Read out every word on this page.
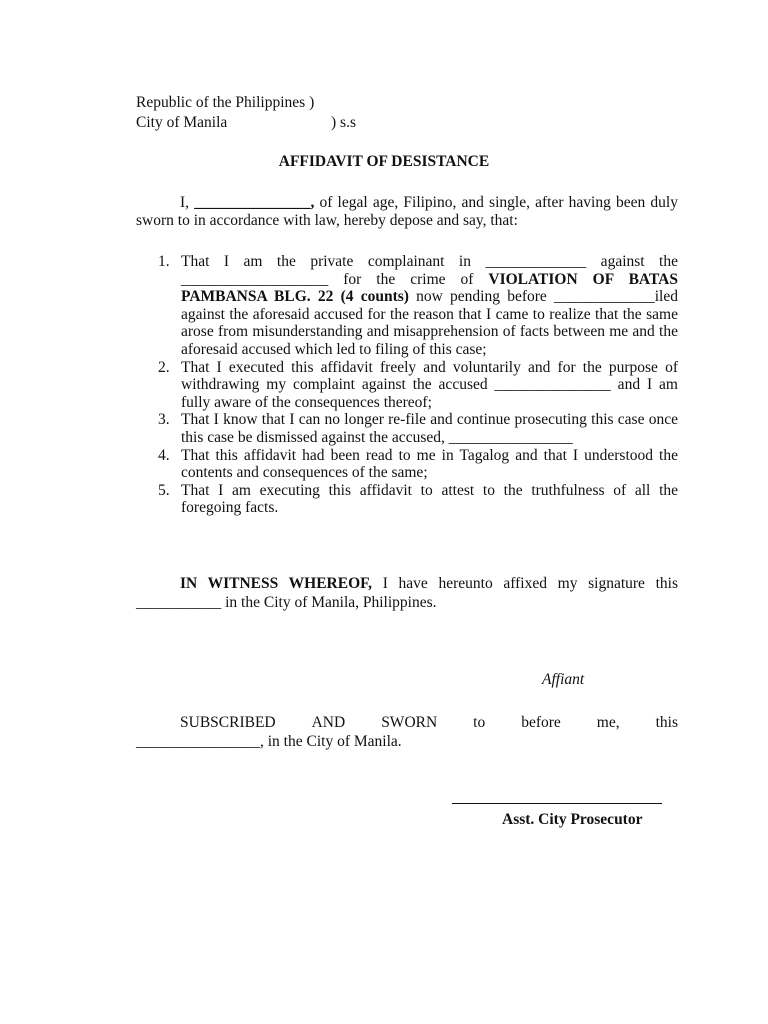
Republic of the Philippines )
City of Manila	) s.s
AFFIDAVIT OF DESISTANCE
I, _______________, of legal age, Filipino, and single, after having been duly sworn to in accordance with law, hereby depose and say, that:
1. That I am the private complainant in _____________ against the ___________________ for the crime of VIOLATION OF BATAS PAMBANSA BLG. 22 (4 counts) now pending before _____________iled against the aforesaid accused for the reason that I came to realize that the same arose from misunderstanding and misapprehension of facts between me and the aforesaid accused which led to filing of this case;
2. That I executed this affidavit freely and voluntarily and for the purpose of withdrawing my complaint against the accused _______________ and I am fully aware of the consequences thereof;
3. That I know that I can no longer re-file and continue prosecuting this case once this case be dismissed against the accused, ________________
4. That this affidavit had been read to me in Tagalog and that I understood the contents and consequences of the same;
5. That I am executing this affidavit to attest to the truthfulness of all the foregoing facts.
IN WITNESS WHEREOF, I have hereunto affixed my signature this ___________ in the City of Manila, Philippines.
Affiant
SUBSCRIBED AND SWORN to before me, this
________________, in the City of Manila.
Asst. City Prosecutor
